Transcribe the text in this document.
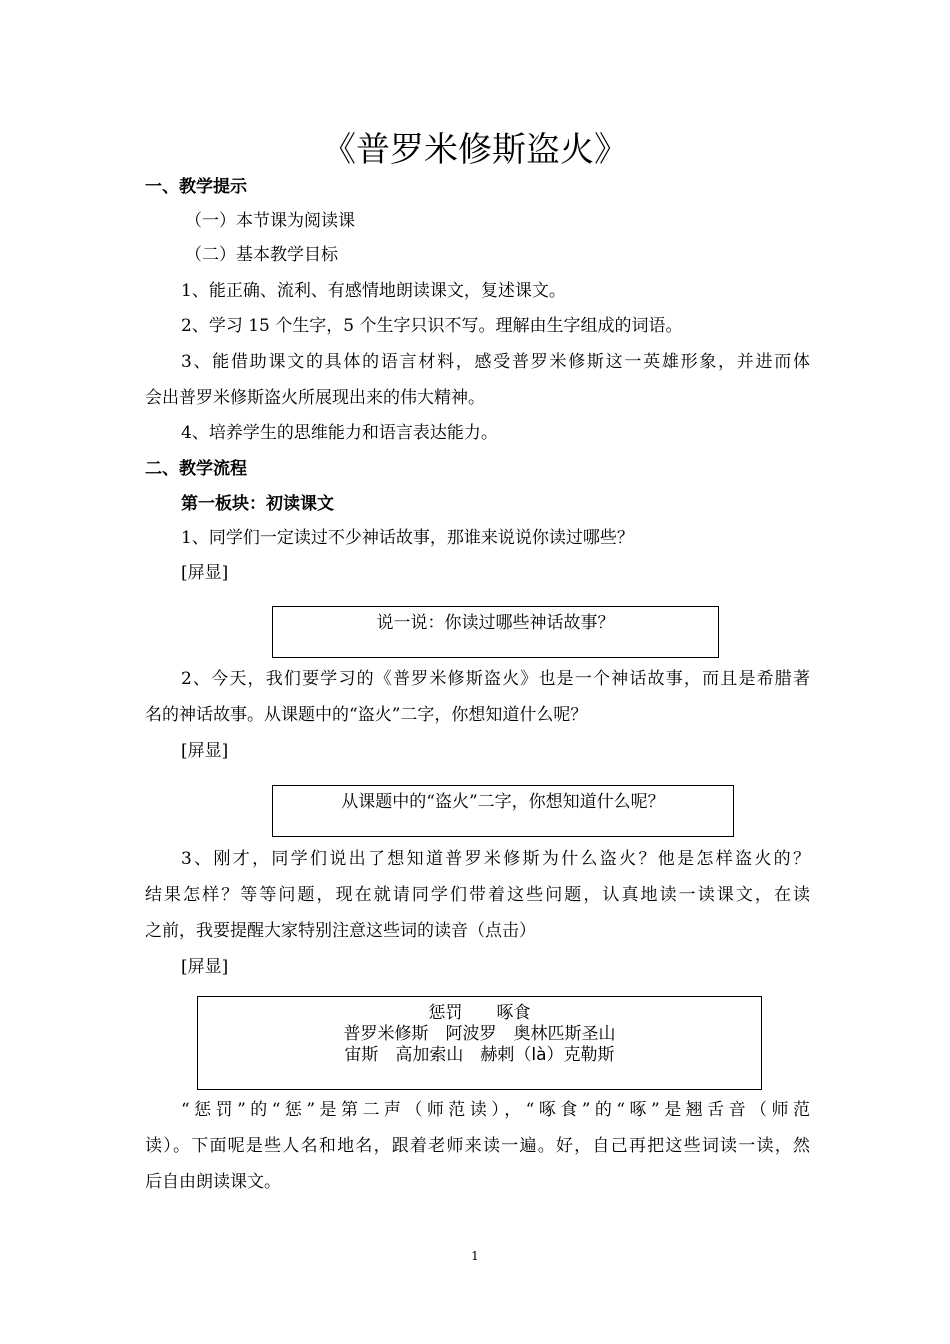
《普罗米修斯盗火》
一、教学提示
（一）本节课为阅读课
（二）基本教学目标
1、能正确、流利、有感情地朗读课文，复述课文。
2、学习 15 个生字，5 个生字只识不写。理解由生字组成的词语。
3、能借助课文的具体的语言材料，感受普罗米修斯这一英雄形象，并进而体
会出普罗米修斯盗火所展现出来的伟大精神。
4、培养学生的思维能力和语言表达能力。
二、教学流程
第一板块：初读课文
1、同学们一定读过不少神话故事，那谁来说说你读过哪些？
[屏显]
说一说：你读过哪些神话故事？
2、今天，我们要学习的《普罗米修斯盗火》也是一个神话故事，而且是希腊著
名的神话故事。从课题中的“盗火”二字，你想知道什么呢？
[屏显]
从课题中的“盗火”二字，你想知道什么呢？
3、刚才，同学们说出了想知道普罗米修斯为什么盗火？他是怎样盗火的？
结果怎样？等等问题，现在就请同学们带着这些问题，认真地读一读课文，在读
之前，我要提醒大家特别注意这些词的读音（点击）
[屏显]
惩罚　　啄食
普罗米修斯　阿波罗　奥林匹斯圣山
宙斯　高加索山　赫剌（là）克勒斯
“惩罚”的“惩”是第二声（师范读），“啄食”的“啄”是翘舌音（师范
读）。下面呢是些人名和地名，跟着老师来读一遍。好，自己再把这些词读一读，然
后自由朗读课文。
1
